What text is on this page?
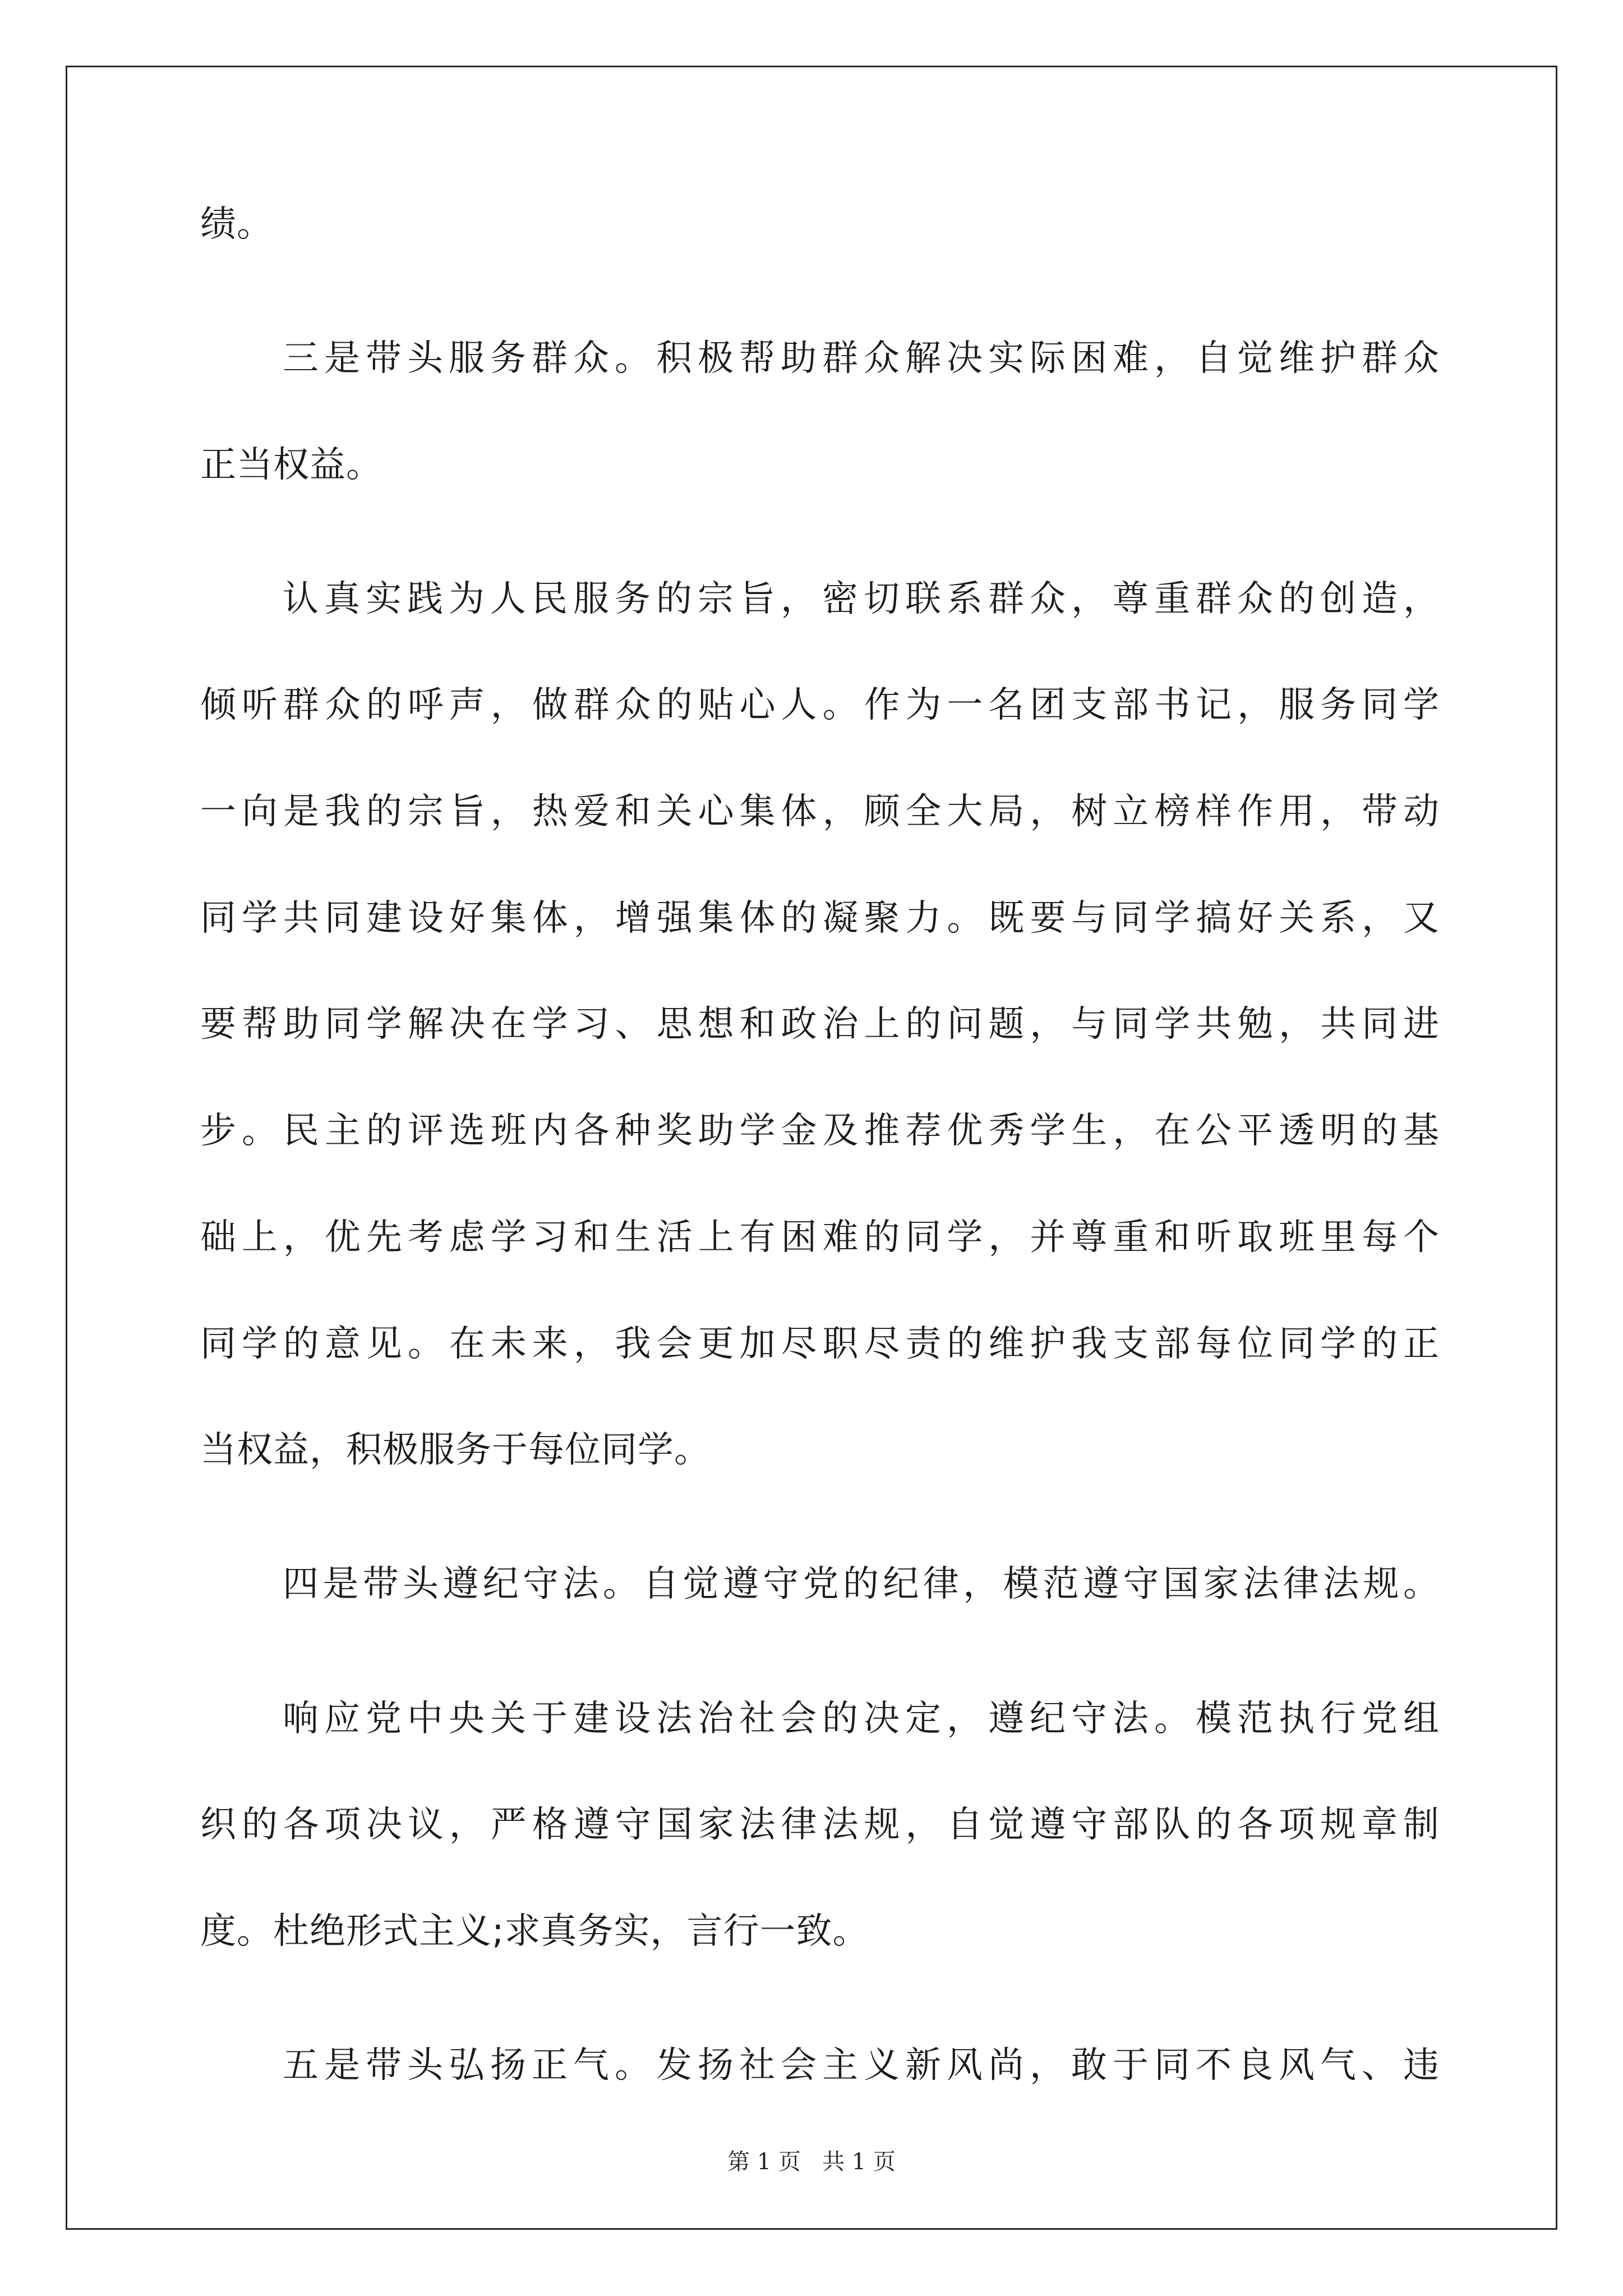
绩。
三是带头服务群众。积极帮助群众解决实际困难，自觉维护群众
正当权益。
认真实践为人民服务的宗旨，密切联系群众，尊重群众的创造，
倾听群众的呼声，做群众的贴心人。作为一名团支部书记，服务同学
一向是我的宗旨，热爱和关心集体，顾全大局，树立榜样作用，带动
同学共同建设好集体，增强集体的凝聚力。既要与同学搞好关系，又
要帮助同学解决在学习、思想和政治上的问题，与同学共勉，共同进
步。民主的评选班内各种奖助学金及推荐优秀学生，在公平透明的基
础上，优先考虑学习和生活上有困难的同学，并尊重和听取班里每个
同学的意见。在未来，我会更加尽职尽责的维护我支部每位同学的正
当权益，积极服务于每位同学。
四是带头遵纪守法。自觉遵守党的纪律，模范遵守国家法律法规。
响应党中央关于建设法治社会的决定，遵纪守法。模范执行党组
织的各项决议，严格遵守国家法律法规，自觉遵守部队的各项规章制
度。杜绝形式主义;求真务实，言行一致。
五是带头弘扬正气。发扬社会主义新风尚，敢于同不良风气、违
第 1 页   共 1 页
